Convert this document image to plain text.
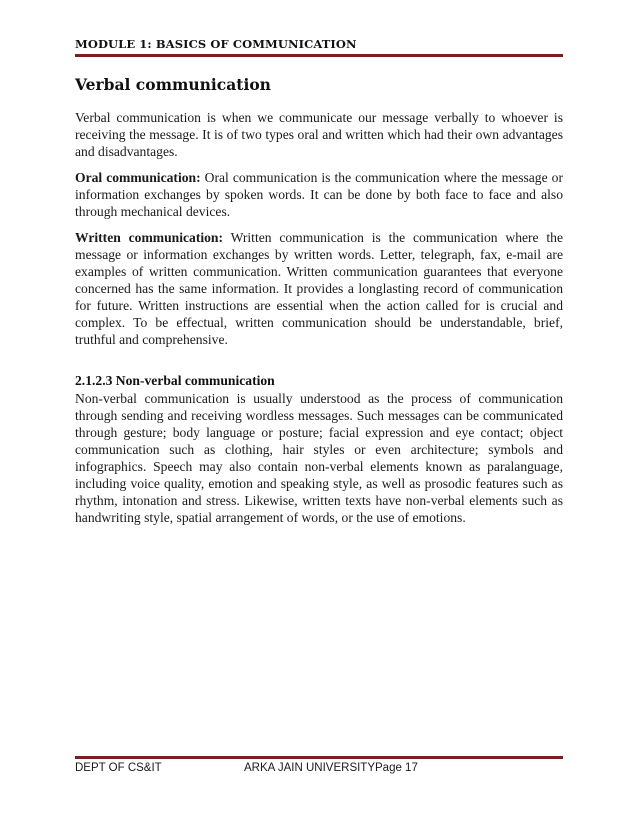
MODULE 1: BASICS OF COMMUNICATION
Verbal communication
Verbal communication is when we communicate our message verbally to whoever is receiving the message. It is of two types oral and written which had their own advantages and disadvantages.
Oral communication: Oral communication is the communication where the message or information exchanges by spoken words. It can be done by both face to face and also through mechanical devices.
Written communication: Written communication is the communication where the message or information exchanges by written words. Letter, telegraph, fax, e-mail are examples of written communication. Written communication guarantees that everyone concerned has the same information. It provides a longlasting record of communication for future. Written instructions are essential when the action called for is crucial and complex. To be effectual, written communication should be understandable, brief, truthful and comprehensive.
2.1.2.3 Non-verbal communication
Non-verbal communication is usually understood as the process of communication through sending and receiving wordless messages. Such messages can be communicated through gesture; body language or posture; facial expression and eye contact; object communication such as clothing, hair styles or even architecture; symbols and infographics. Speech may also contain non-verbal elements known as paralanguage, including voice quality, emotion and speaking style, as well as prosodic features such as rhythm, intonation and stress. Likewise, written texts have non-verbal elements such as handwriting style, spatial arrangement of words, or the use of emotions.
DEPT OF CS&IT	ARKA JAIN UNIVERSITYPage 17
